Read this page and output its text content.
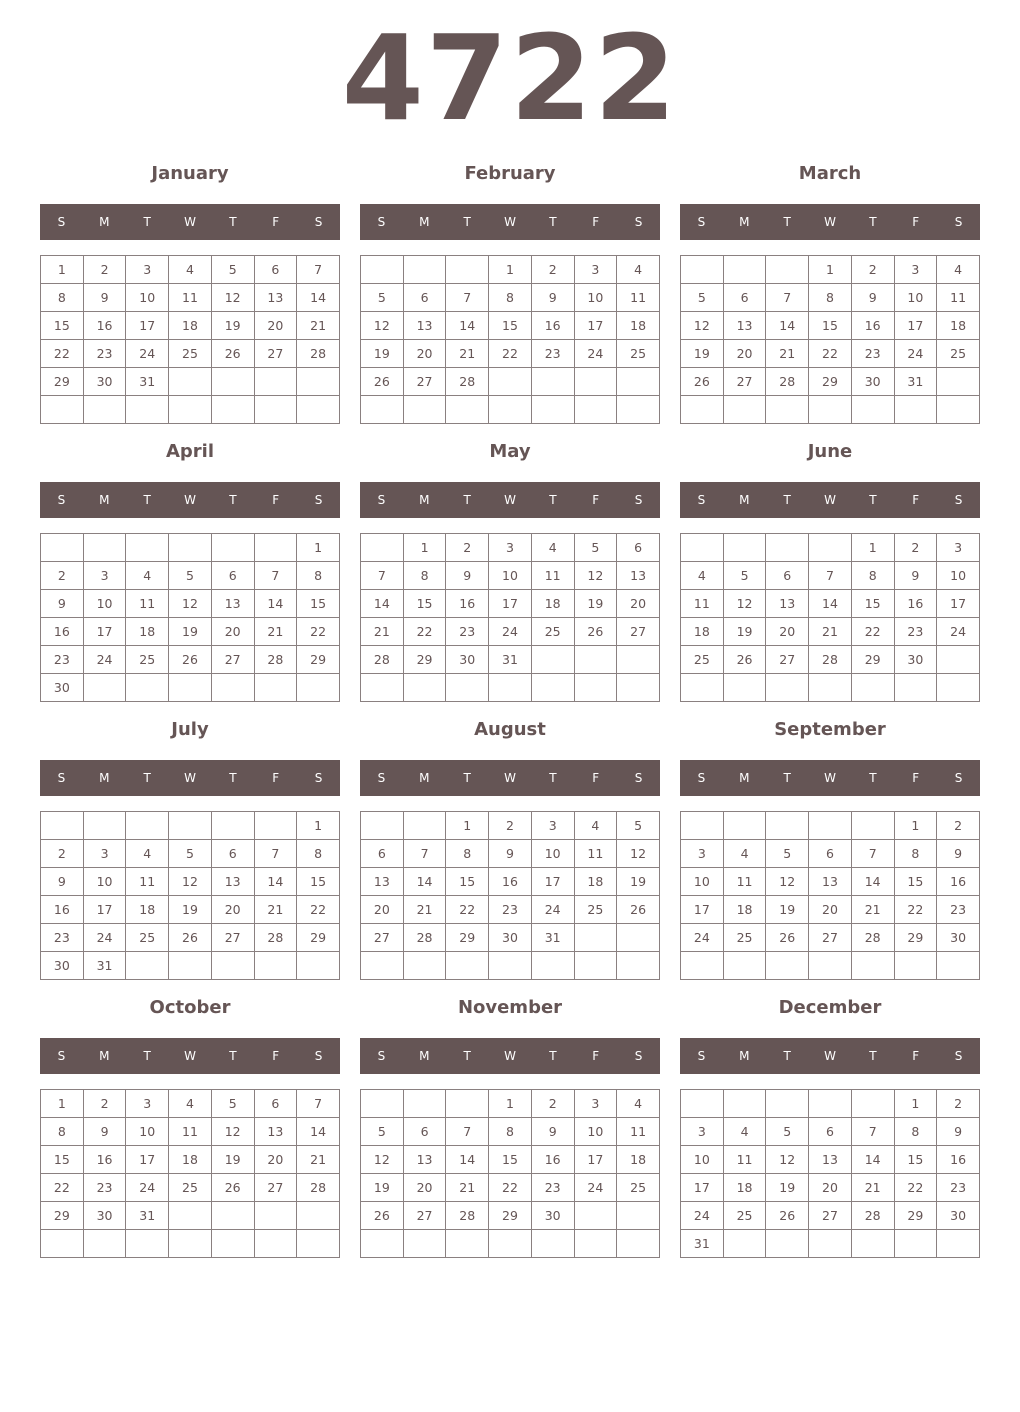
4722
January
S	M	T	W	T	F	S
1	2	3	4	5	6	7
8	9	10	11	12	13	14
15	16	17	18	19	20	21
22	23	24	25	26	27	28
29	30	31				

February
S	M	T	W	T	F	S
			1	2	3	4
5	6	7	8	9	10	11
12	13	14	15	16	17	18
19	20	21	22	23	24	25
26	27	28				

March
S	M	T	W	T	F	S
			1	2	3	4
5	6	7	8	9	10	11
12	13	14	15	16	17	18
19	20	21	22	23	24	25
26	27	28	29	30	31	

April
S	M	T	W	T	F	S
						1
2	3	4	5	6	7	8
9	10	11	12	13	14	15
16	17	18	19	20	21	22
23	24	25	26	27	28	29
30						
May
S	M	T	W	T	F	S
	1	2	3	4	5	6
7	8	9	10	11	12	13
14	15	16	17	18	19	20
21	22	23	24	25	26	27
28	29	30	31			

June
S	M	T	W	T	F	S
				1	2	3
4	5	6	7	8	9	10
11	12	13	14	15	16	17
18	19	20	21	22	23	24
25	26	27	28	29	30	

July
S	M	T	W	T	F	S
						1
2	3	4	5	6	7	8
9	10	11	12	13	14	15
16	17	18	19	20	21	22
23	24	25	26	27	28	29
30	31					
August
S	M	T	W	T	F	S
		1	2	3	4	5
6	7	8	9	10	11	12
13	14	15	16	17	18	19
20	21	22	23	24	25	26
27	28	29	30	31		

September
S	M	T	W	T	F	S
					1	2
3	4	5	6	7	8	9
10	11	12	13	14	15	16
17	18	19	20	21	22	23
24	25	26	27	28	29	30

October
S	M	T	W	T	F	S
1	2	3	4	5	6	7
8	9	10	11	12	13	14
15	16	17	18	19	20	21
22	23	24	25	26	27	28
29	30	31				

November
S	M	T	W	T	F	S
			1	2	3	4
5	6	7	8	9	10	11
12	13	14	15	16	17	18
19	20	21	22	23	24	25
26	27	28	29	30		

December
S	M	T	W	T	F	S
					1	2
3	4	5	6	7	8	9
10	11	12	13	14	15	16
17	18	19	20	21	22	23
24	25	26	27	28	29	30
31						
